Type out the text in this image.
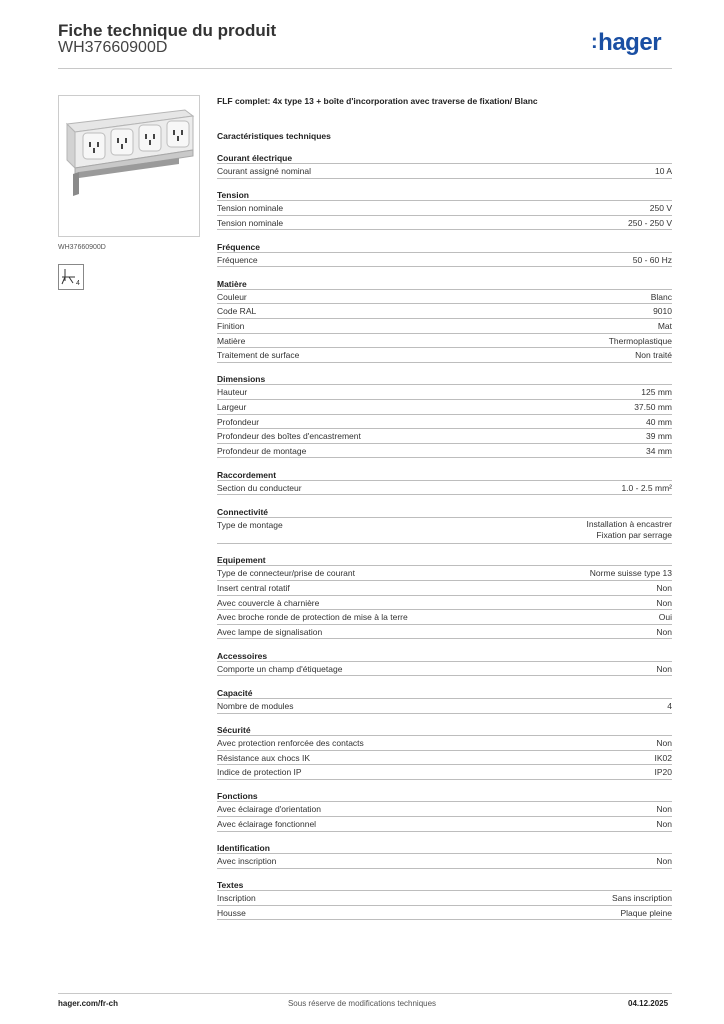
Fiche technique du produit
WH37660900D	:hager
WH37660900D
4
FLF complet: 4x type 13 + boîte d'incorporation avec traverse de fixation/ Blanc
Caractéristiques techniques
Courant électrique
Courant assigné nominal	10 A
Tension
Tension nominale	250 V
Tension nominale	250 - 250 V
Fréquence
Fréquence	50 - 60 Hz
Matière
Couleur	Blanc
Code RAL	9010
Finition	Mat
Matière	Thermoplastique
Traitement de surface	Non traité
Dimensions
Hauteur	125 mm
Largeur	37.50 mm
Profondeur	40 mm
Profondeur des boîtes d'encastrement	39 mm
Profondeur de montage	34 mm
Raccordement
Section du conducteur	1.0 - 2.5 mm²
Connectivité
Type de montage	Installation à encastrer
Fixation par serrage
Equipement
Type de connecteur/prise de courant	Norme suisse type 13
Insert central rotatif	Non
Avec couvercle à charnière	Non
Avec broche ronde de protection de mise à la terre	Oui
Avec lampe de signalisation	Non
Accessoires
Comporte un champ d'étiquetage	Non
Capacité
Nombre de modules	4
Sécurité
Avec protection renforcée des contacts	Non
Résistance aux chocs IK	IK02
Indice de protection IP	IP20
Fonctions
Avec éclairage d'orientation	Non
Avec éclairage fonctionnel	Non
Identification
Avec inscription	Non
Textes
Inscription	Sans inscription
Housse	Plaque pleine
hager.com/fr-ch	Sous réserve de modifications techniques	04.12.2025
